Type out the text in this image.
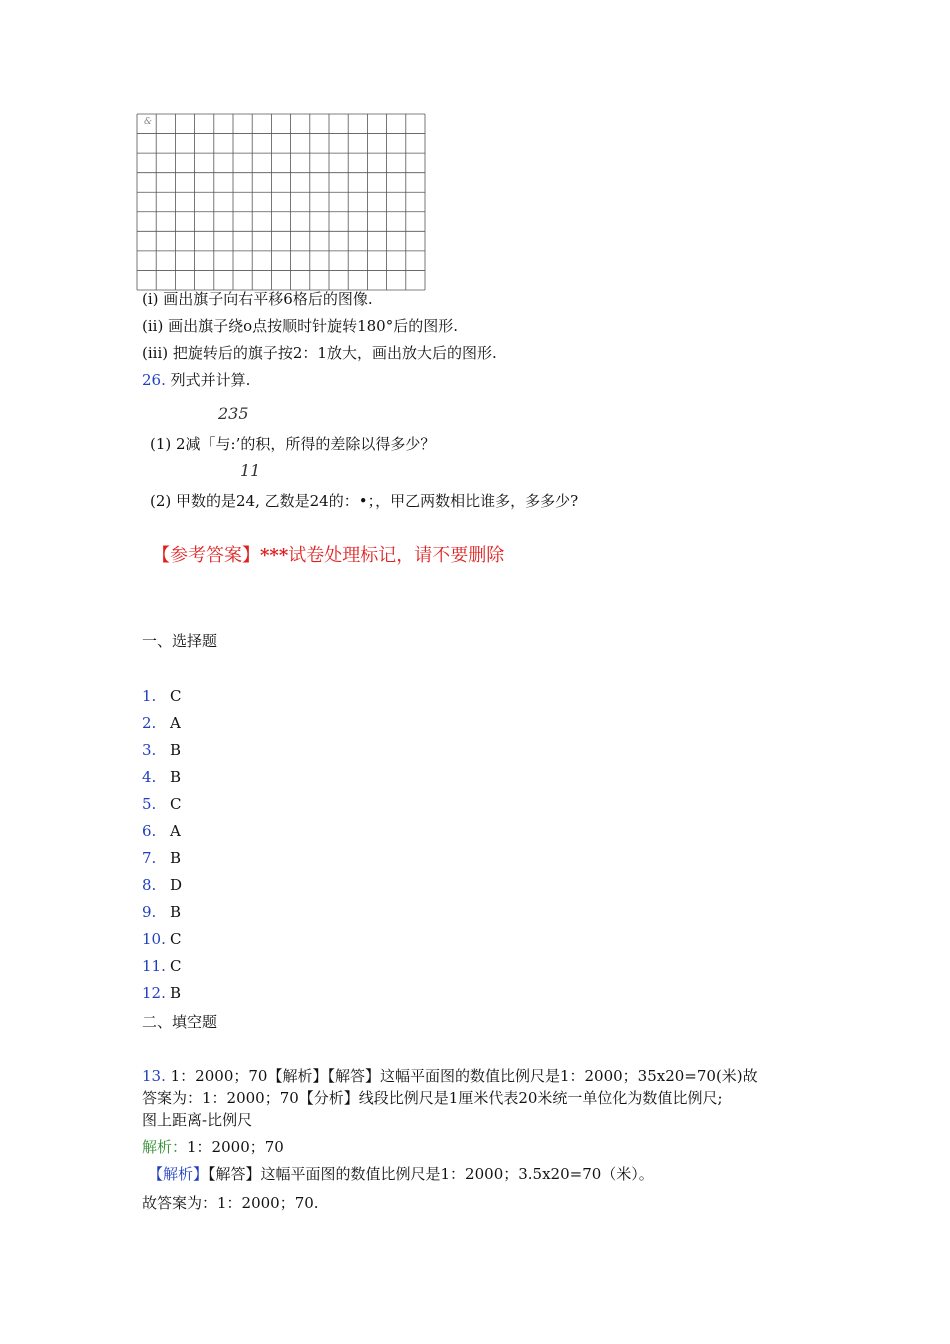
&
(i) 画出旗子向右平移6格后的图像.
(ii) 画出旗子绕o点按顺时针旋转180°后的图形.
(iii) 把旋转后的旗子按2：1放大，画出放大后的图形.
26. 列式并计算.
235
(1) 2减「与:’的积，所得的差除以得多少？
11
(2) 甲数的是24, 乙数是24的：•；，甲乙两数相比谁多，多多少?
【参考答案】***试卷处理标记，请不要删除
一、选择题
1. C
2. A
3. B
4. B
5. C
6. A
7. B
8. D
9. B
10. C
11. C
12. B
二、填空题
13. 1：2000；70【解析】【解答】这幅平面图的数值比例尺是1：2000；35x20=70(米)故
答案为：1：2000；70【分析】线段比例尺是1厘米代表20米统一单位化为数值比例尺;
图上距离-比例尺
解析：1：2000；70
【解析】【解答】这幅平面图的数值比例尺是1：2000；3.5x20=70（米）。
故答案为：1：2000；70.
